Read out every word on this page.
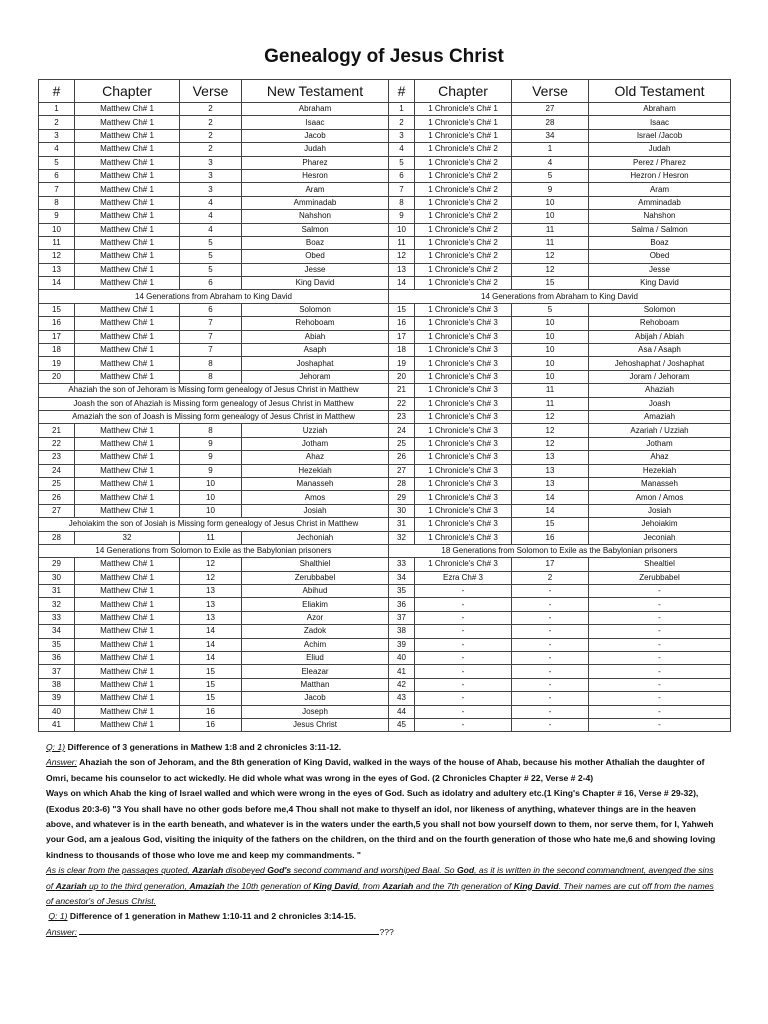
Genealogy of Jesus Christ
#	Chapter	Verse	New Testament	#	Chapter	Verse	Old Testament
1	Matthew Ch# 1	2	Abraham	1	1 Chronicle's Ch# 1	27	Abraham
2	Matthew Ch# 1	2	Isaac	2	1 Chronicle's Ch# 1	28	Isaac
3	Matthew Ch# 1	2	Jacob	3	1 Chronicle's Ch# 1	34	Israel /Jacob
4	Matthew Ch# 1	2	Judah	4	1 Chronicle's Ch# 2	1	Judah
5	Matthew Ch# 1	3	Pharez	5	1 Chronicle's Ch# 2	4	Perez / Pharez
6	Matthew Ch# 1	3	Hesron	6	1 Chronicle's Ch# 2	5	Hezron / Hesron
7	Matthew Ch# 1	3	Aram	7	1 Chronicle's Ch# 2	9	Aram
8	Matthew Ch# 1	4	Amminadab	8	1 Chronicle's Ch# 2	10	Amminadab
9	Matthew Ch# 1	4	Nahshon	9	1 Chronicle's Ch# 2	10	Nahshon
10	Matthew Ch# 1	4	Salmon	10	1 Chronicle's Ch# 2	11	Salma / Salmon
11	Matthew Ch# 1	5	Boaz	11	1 Chronicle's Ch# 2	11	Boaz
12	Matthew Ch# 1	5	Obed	12	1 Chronicle's Ch# 2	12	Obed
13	Matthew Ch# 1	5	Jesse	13	1 Chronicle's Ch# 2	12	Jesse
14	Matthew Ch# 1	6	King David	14	1 Chronicle's Ch# 2	15	King David
14 Generations from Abraham to King David				14 Generations from Abraham to King David			
15	Matthew Ch# 1	6	Solomon	15	1 Chronicle's Ch# 3	5	Solomon
16	Matthew Ch# 1	7	Rehoboam	16	1 Chronicle's Ch# 3	10	Rehoboam
17	Matthew Ch# 1	7	Abiah	17	1 Chronicle's Ch# 3	10	Abijah / Abiah
18	Matthew Ch# 1	7	Asaph	18	1 Chronicle's Ch# 3	10	Asa / Asaph
19	Matthew Ch# 1	8	Joshaphat	19	1 Chronicle's Ch# 3	10	Jehoshaphat / Joshaphat
20	Matthew Ch# 1	8	Jehoram	20	1 Chronicle's Ch# 3	10	Joram / Jehoram
Ahaziah the son of Jehoram is Missing form genealogy of Jesus Christ in Matthew				21	1 Chronicle's Ch# 3	11	Ahaziah
Joash the son of Ahaziah is Missing form genealogy of Jesus Christ in Matthew				22	1 Chronicle's Ch# 3	11	Joash
Amaziah the son of Joash is Missing form genealogy of Jesus Christ in Matthew				23	1 Chronicle's Ch# 3	12	Amaziah
21	Matthew Ch# 1	8	Uzziah	24	1 Chronicle's Ch# 3	12	Azariah / Uzziah
22	Matthew Ch# 1	9	Jotham	25	1 Chronicle's Ch# 3	12	Jotham
23	Matthew Ch# 1	9	Ahaz	26	1 Chronicle's Ch# 3	13	Ahaz
24	Matthew Ch# 1	9	Hezekiah	27	1 Chronicle's Ch# 3	13	Hezekiah
25	Matthew Ch# 1	10	Manasseh	28	1 Chronicle's Ch# 3	13	Manasseh
26	Matthew Ch# 1	10	Amos	29	1 Chronicle's Ch# 3	14	Amon / Amos
27	Matthew Ch# 1	10	Josiah	30	1 Chronicle's Ch# 3	14	Josiah
Jehoiakim the son of Josiah is Missing form genealogy of Jesus Christ in Matthew				31	1 Chronicle's Ch# 3	15	Jehoiakim
28	32	11	Jechoniah	32	1 Chronicle's Ch# 3	16	Jeconiah
14 Generations from Solomon to Exile as the Babylonian prisoners				18 Generations from Solomon to Exile as the Babylonian prisoners			
29	Matthew Ch# 1	12	Shalthiel	33	1 Chronicle's Ch# 3	17	Shealtiel
30	Matthew Ch# 1	12	Zerubbabel	34	Ezra Ch# 3	2	Zerubbabel
31	Matthew Ch# 1	13	Abihud	35	-	-	-
32	Matthew Ch# 1	13	Eliakim	36	-	-	-
33	Matthew Ch# 1	13	Azor	37	-	-	-
34	Matthew Ch# 1	14	Zadok	38	-	-	-
35	Matthew Ch# 1	14	Achim	39	-	-	-
36	Matthew Ch# 1	14	Eliud	40	-	-	-
37	Matthew Ch# 1	15	Eleazar	41	-	-	-
38	Matthew Ch# 1	15	Matthan	42	-	-	-
39	Matthew Ch# 1	15	Jacob	43	-	-	-
40	Matthew Ch# 1	16	Joseph	44	-	-	-
41	Matthew Ch# 1	16	Jesus Christ	45	-	-	-

Q: 1) Difference of 3 generations in Mathew 1:8 and 2 chronicles 3:11-12.

Answer: Ahaziah the son of Jehoram, and the 8th generation of King David, walked in the ways of the house of Ahab, because his mother Athaliah the daughter of Omri, became his counselor to act wickedly. He did whole what was wrong in the eyes of God. (2 Chronicles Chapter # 22, Verse # 2-4)

Ways on which Ahab the king of Israel walled and which were wrong in the eyes of God. Such as idolatry and adultery etc.(1 King's Chapter # 16, Verse # 29-32), (Exodus 20:3-6) "3 You shall have no other gods before me,4 Thou shall not make to thyself an idol, nor likeness of anything, whatever things are in the heaven above, and whatever is in the earth beneath, and whatever is in the waters under the earth,5 you shall not bow yourself down to them, nor serve them, for I, Yahweh your God, am a jealous God, visiting the iniquity of the fathers on the children, on the third and on the fourth generation of those who hate me,6 and showing loving kindness to thousands of those who love me and keep my commandments. "

As is clear from the passages quoted, Azariah disobeyed God's second command and worshiped Baal. So God, as it is written in the second commandment, avenged the sins of Azariah up to the third generation, Amaziah the 10th generation of King David, from Azariah and the 7th generation of King David. Their names are cut off from the names of ancestor's of Jesus Christ.

Q: 1) Difference of 1 generation in Mathew 1:10-11 and 2 chronicles 3:14-15.

Answer:	???
